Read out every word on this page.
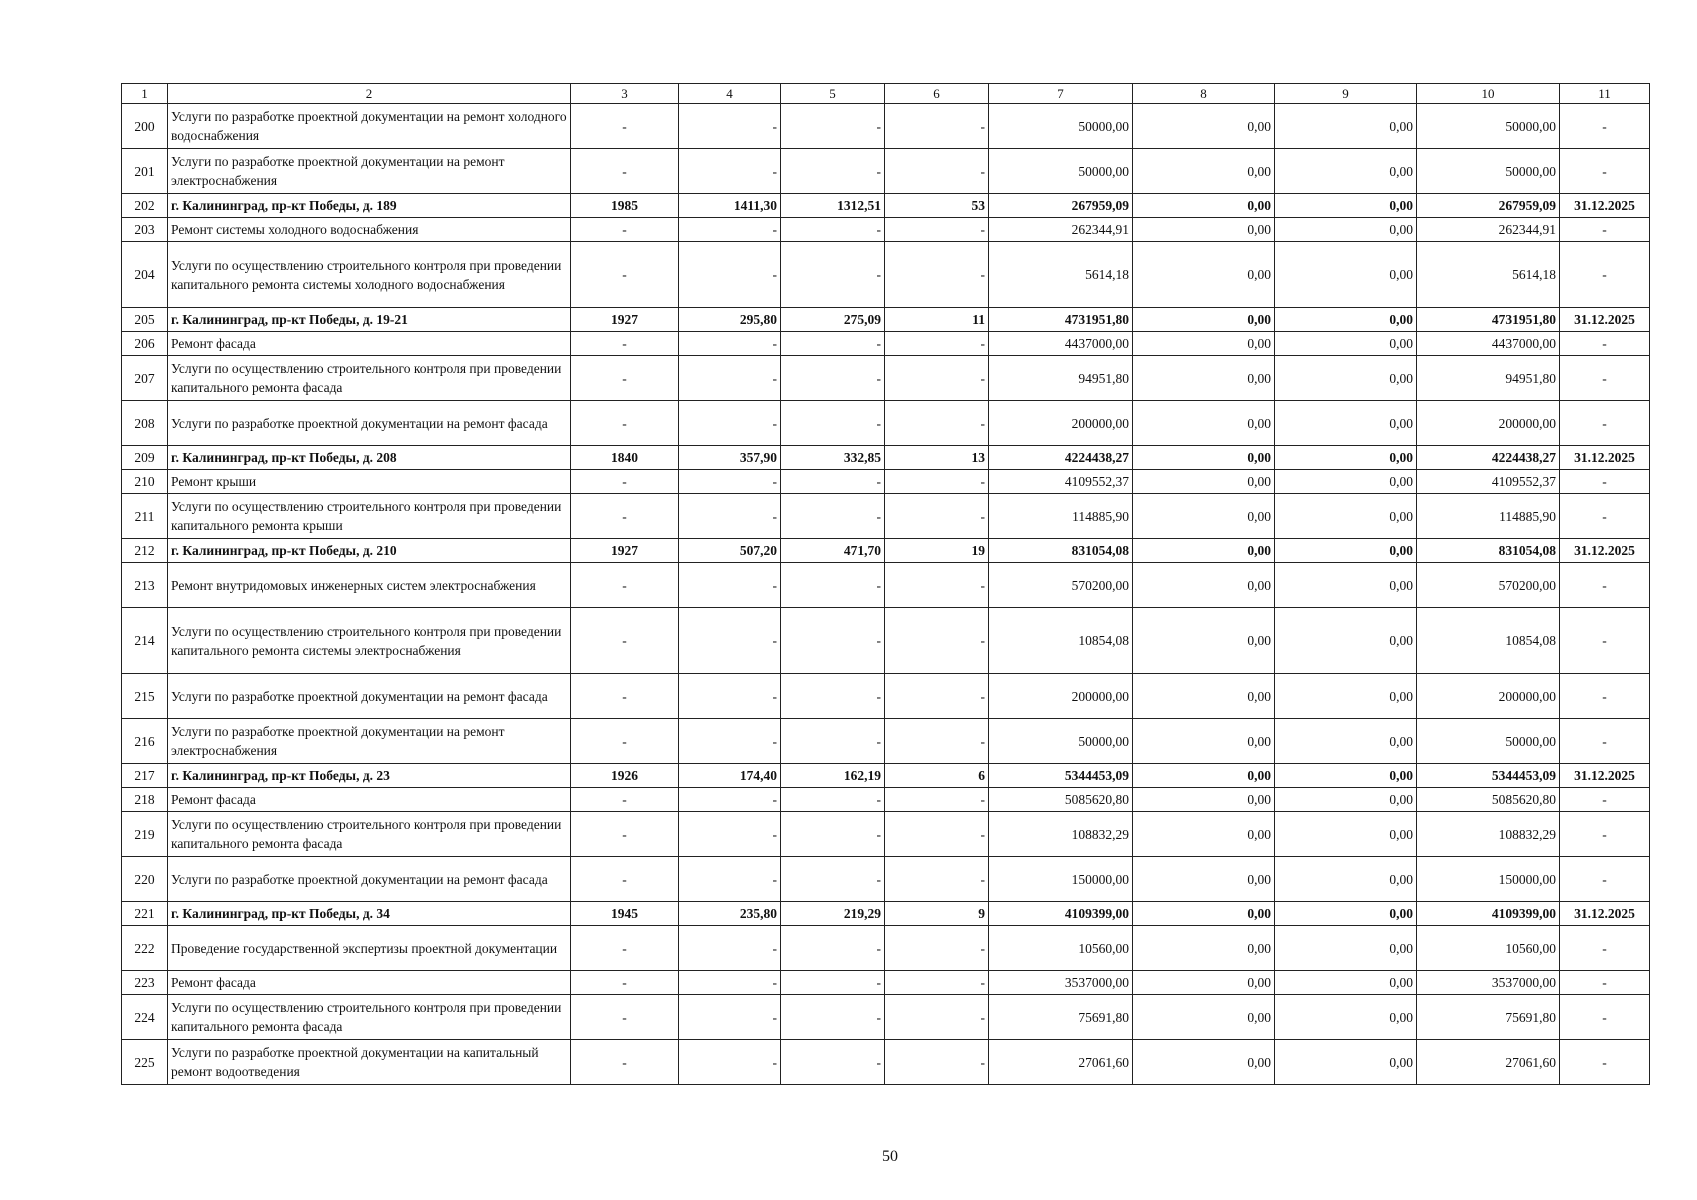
1	2	3	4	5	6	7	8	9	10	11
200	Услуги по разработке проектной документации на ремонт холодного водоснабжения	-	-	-	-	50000,00	0,00	0,00	50000,00	-
201	Услуги по разработке проектной документации на ремонт электроснабжения	-	-	-	-	50000,00	0,00	0,00	50000,00	-
202	г. Калининград, пр-кт Победы, д. 189	1985	1411,30	1312,51	53	267959,09	0,00	0,00	267959,09	31.12.2025
203	Ремонт системы холодного водоснабжения	-	-	-	-	262344,91	0,00	0,00	262344,91	-
204	Услуги по осуществлению строительного контроля при проведении капитального ремонта системы холодного водоснабжения	-	-	-	-	5614,18	0,00	0,00	5614,18	-
205	г. Калининград, пр-кт Победы, д. 19-21	1927	295,80	275,09	11	4731951,80	0,00	0,00	4731951,80	31.12.2025
206	Ремонт фасада	-	-	-	-	4437000,00	0,00	0,00	4437000,00	-
207	Услуги по осуществлению строительного контроля при проведении капитального ремонта фасада	-	-	-	-	94951,80	0,00	0,00	94951,80	-
208	Услуги по разработке проектной документации на ремонт фасада	-	-	-	-	200000,00	0,00	0,00	200000,00	-
209	г. Калининград, пр-кт Победы, д. 208	1840	357,90	332,85	13	4224438,27	0,00	0,00	4224438,27	31.12.2025
210	Ремонт крыши	-	-	-	-	4109552,37	0,00	0,00	4109552,37	-
211	Услуги по осуществлению строительного контроля при проведении капитального ремонта крыши	-	-	-	-	114885,90	0,00	0,00	114885,90	-
212	г. Калининград, пр-кт Победы, д. 210	1927	507,20	471,70	19	831054,08	0,00	0,00	831054,08	31.12.2025
213	Ремонт внутридомовых инженерных систем электроснабжения	-	-	-	-	570200,00	0,00	0,00	570200,00	-
214	Услуги по осуществлению строительного контроля при проведении капитального ремонта системы электроснабжения	-	-	-	-	10854,08	0,00	0,00	10854,08	-
215	Услуги по разработке проектной документации на ремонт фасада	-	-	-	-	200000,00	0,00	0,00	200000,00	-
216	Услуги по разработке проектной документации на ремонт электроснабжения	-	-	-	-	50000,00	0,00	0,00	50000,00	-
217	г. Калининград, пр-кт Победы, д. 23	1926	174,40	162,19	6	5344453,09	0,00	0,00	5344453,09	31.12.2025
218	Ремонт фасада	-	-	-	-	5085620,80	0,00	0,00	5085620,80	-
219	Услуги по осуществлению строительного контроля при проведении капитального ремонта фасада	-	-	-	-	108832,29	0,00	0,00	108832,29	-
220	Услуги по разработке проектной документации на ремонт фасада	-	-	-	-	150000,00	0,00	0,00	150000,00	-
221	г. Калининград, пр-кт Победы, д. 34	1945	235,80	219,29	9	4109399,00	0,00	0,00	4109399,00	31.12.2025
222	Проведение государственной экспертизы проектной документации	-	-	-	-	10560,00	0,00	0,00	10560,00	-
223	Ремонт фасада	-	-	-	-	3537000,00	0,00	0,00	3537000,00	-
224	Услуги по осуществлению строительного контроля при проведении капитального ремонта фасада	-	-	-	-	75691,80	0,00	0,00	75691,80	-
225	Услуги по разработке проектной документации на капитальный ремонт водоотведения	-	-	-	-	27061,60	0,00	0,00	27061,60	-
50
